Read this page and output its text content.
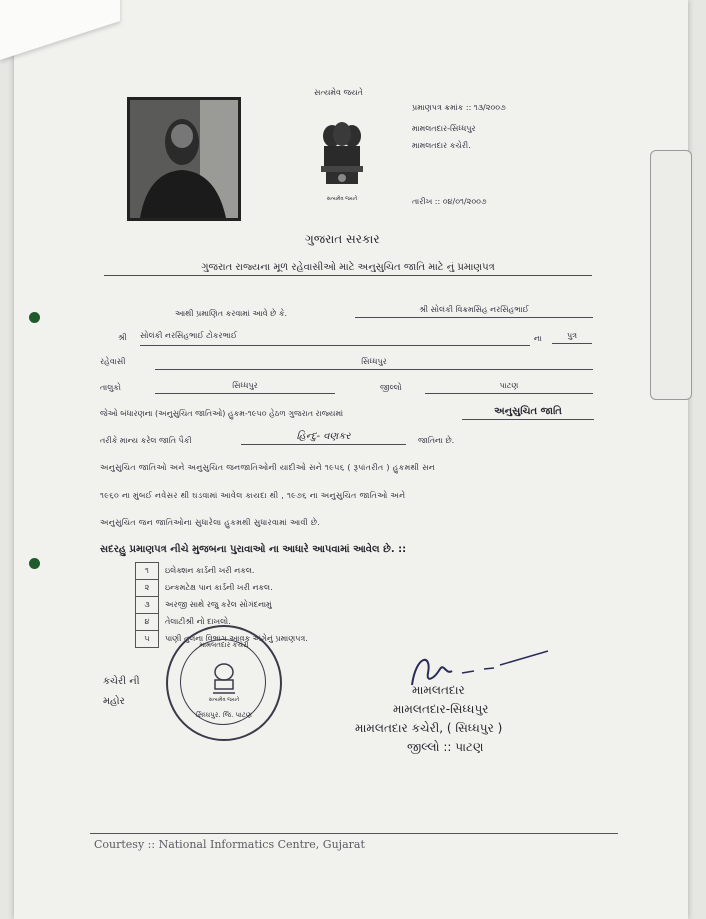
સત્યમેવ જયતે
પ્રમાણપત્ર ક્રમાંક :: ૧૩/૨૦૦૭
મામલતદાર-સિધ્ધપુર
મામલતદાર કચેરી.
તારીખ :: ૦૪/૦૧/૨૦૦૭
સત્યમેવ જયતે
ગુજરાત સરકાર
ગુજરાત રાજ્યના મૂળ રહેવાસીઓ માટે અનુસુચિત જાતિ માટે નું પ્રમાણપત્ર
આથી પ્રમાણિત કરવામાં આવે છે કે.	શ્રી સોલંકી વિક્રમસિંહ નરસિંહભાઈ
શ્રી સોલંકી નરસિંહભાઈ ટોકરભાઈ	ના	પુત્ર
રહેવાસી	સિધ્ધપુર
તાલુકો	સિધ્ધપુર	જીલ્લો	પાટણ
જેઓ બંધારણના (અનુસુચિત જાતિઓ) હુકમ-૧૯૫૦ હેઠળ ગુજરાત રાજ્યમાં	અનુસુચિત જાતિ
તરીકે માન્ય કરેલ જાતિ પૈકી	હિન્દુ- વણકર	જાતિના છે.
અનુસુચિત જાતિઓ અને અનુસુચિત જનજાતિઓની યાદીઓ સને ૧૯૫૬ ( રૂપાંતરીત ) હુકમથી સન
૧૯૬૦ ના મુંબઈ નવેસર થી ઘડવામાં આવેલ કાયદા થી , ૧૯૭૬ ના અનુસુચિત જાતિઓ અને
અનુસુચિત જન જાતિઓના સુધારેલા હુકમથી સુધારવામાં આવી છે.
સદરહુ પ્રમાણપત્ર નીચે મુજબના પુરાવાઓ ના આધારે આપવામાં આવેલ છે. ::
૧	ઇલેક્શન કાર્ડની ખરી નકલ.
૨	ઇન્કમટેક્ષ પાન કાર્ડની ખરી નકલ.
૩	અરજી સાથે રજુ કરેલ સોગંદનામું
૪	તેલાટીશ્રી નો દાખલો.
૫	પાણી તુલના વિભાગ આવક અંગેનું પ્રમાણપત્ર.
કચેરી ની મહોર
મામલતદાર કચેરી
સત્યમેવ જયતે
સિધ્ધપુર. જિ. પાટણ
મામલતદાર
મામલતદાર-સિધ્ધપુર
મામલતદાર કચેરી, ( સિધ્ધપુર )
જીલ્લો :: પાટણ
Courtesy :: National Informatics Centre, Gujarat
